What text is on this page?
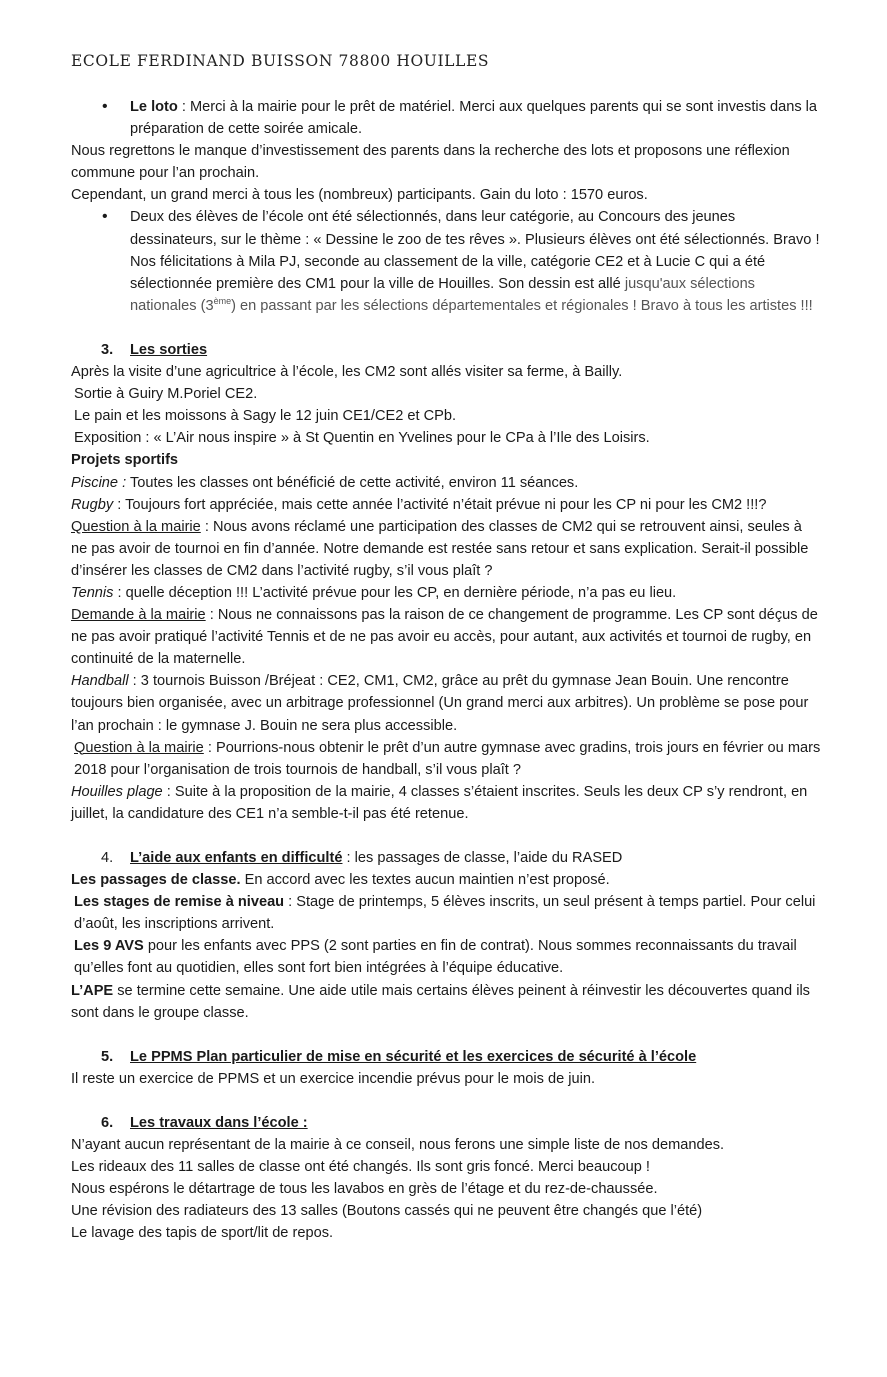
ECOLE FERDINAND BUISSON 78800 HOUILLES

• Le loto : Merci à la mairie pour le prêt de matériel. Merci aux quelques parents qui se sont investis dans la préparation de cette soirée amicale.

Nous regrettons le manque d’investissement des parents dans la recherche des lots et proposons une réflexion commune pour l’an prochain.

Cependant, un grand merci à tous les (nombreux) participants. Gain du loto : 1570 euros.

• Deux des élèves de l’école ont été sélectionnés, dans leur catégorie, au Concours des jeunes dessinateurs, sur le thème : « Dessine le zoo de tes rêves ». Plusieurs élèves ont été sélectionnés. Bravo ! Nos félicitations à Mila PJ, seconde au classement de la ville, catégorie CE2 et à Lucie C qui a été sélectionnée première des CM1 pour la ville de Houilles. Son dessin est allé jusqu'aux sélections nationales (3ème) en passant par les sélections départementales et régionales ! Bravo à tous les artistes !!!

3. Les sorties

Après la visite d’une agricultrice à l’école, les CM2 sont allés visiter sa ferme, à Bailly.

Sortie à Guiry M.Poriel CE2.

Le pain et les moissons à Sagy le 12 juin CE1/CE2 et CPb.

Exposition : « L’Air nous inspire » à St Quentin en Yvelines pour le CPa à l’Ile des Loisirs.

Projets sportifs

Piscine : Toutes les classes ont bénéficié de cette activité, environ 11 séances.

Rugby : Toujours fort appréciée, mais cette année l’activité n’était prévue ni pour les CP ni pour les CM2 !!!?

Question à la mairie : Nous avons réclamé une participation des classes de CM2 qui se retrouvent ainsi, seules à ne pas avoir de tournoi en fin d’année. Notre demande est restée sans retour et sans explication. Serait-il possible d’insérer les classes de CM2 dans l’activité rugby, s’il vous plaît ?

Tennis : quelle déception !!! L’activité prévue pour les CP, en dernière période, n’a pas eu lieu.

Demande à la mairie : Nous ne connaissons pas la raison de ce changement de programme. Les CP sont déçus de ne pas avoir pratiqué l’activité Tennis et de ne pas avoir eu accès, pour autant, aux activités et tournoi de rugby, en continuité de la maternelle.

Handball : 3 tournois Buisson /Bréjeat : CE2, CM1, CM2, grâce au prêt du gymnase Jean Bouin. Une rencontre toujours bien organisée, avec un arbitrage professionnel (Un grand merci aux arbitres). Un problème se pose pour l’an prochain : le gymnase J. Bouin ne sera plus accessible.

Question à la mairie : Pourrions-nous obtenir le prêt d’un autre gymnase avec gradins, trois jours en février ou mars 2018 pour l’organisation de trois tournois de handball, s’il vous plaît ?

Houilles plage : Suite à la proposition de la mairie, 4 classes s’étaient inscrites. Seuls les deux CP s’y rendront, en juillet, la candidature des CE1 n’a semble-t-il pas été retenue.

4. L’aide aux enfants en difficulté : les passages de classe, l’aide du RASED

Les passages de classe. En accord avec les textes aucun maintien n’est proposé.

Les stages de remise à niveau : Stage de printemps, 5 élèves inscrits, un seul présent à temps partiel. Pour celui d’août, les inscriptions arrivent.

Les 9 AVS pour les enfants avec PPS (2 sont parties en fin de contrat). Nous sommes reconnaissants du travail qu’elles font au quotidien, elles sont fort bien intégrées à l’équipe éducative.

L’APE se termine cette semaine. Une aide utile mais certains élèves peinent à réinvestir les découvertes quand ils sont dans le groupe classe.

5. Le PPMS Plan particulier de mise en sécurité et les exercices de sécurité à l’école

Il reste un exercice de PPMS et un exercice incendie prévus pour le mois de juin.

6. Les travaux dans l’école :

N’ayant aucun représentant de la mairie à ce conseil, nous ferons une simple liste de nos demandes.

Les rideaux des 11 salles de classe ont été changés. Ils sont gris foncé. Merci beaucoup !

Nous espérons le détartrage de tous les lavabos en grès de l’étage et du rez-de-chaussée.

Une révision des radiateurs des 13 salles (Boutons cassés qui ne peuvent être changés que l’été)

Le lavage des tapis de sport/lit de repos.
